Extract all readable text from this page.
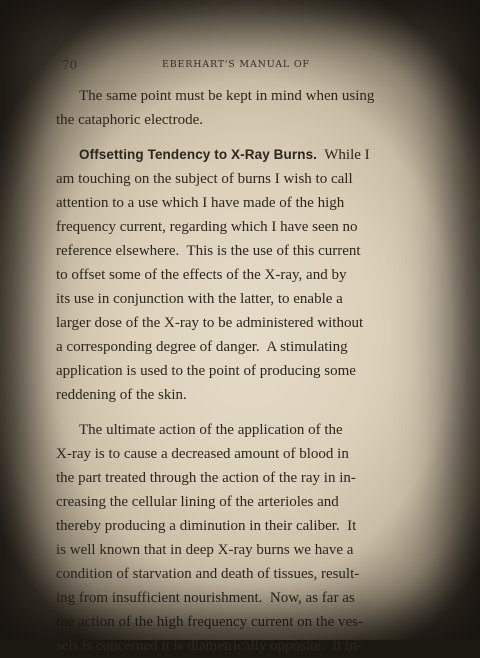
70	EBERHART'S MANUAL OF
The same point must be kept in mind when using
the cataphoric electrode.
Offsetting Tendency to X-Ray Burns.  While I
am touching on the subject of burns I wish to call
attention to a use which I have made of the high
frequency current, regarding which I have seen no
reference elsewhere.  This is the use of this current
to offset some of the effects of the X-ray, and by
its use in conjunction with the latter, to enable a
larger dose of the X-ray to be administered without
a corresponding degree of danger.  A stimulating
application is used to the point of producing some
reddening of the skin.
The ultimate action of the application of the
X-ray is to cause a decreased amount of blood in
the part treated through the action of the ray in in-
creasing the cellular lining of the arterioles and
thereby producing a diminution in their caliber.  It
is well known that in deep X-ray burns we have a
condition of starvation and death of tissues, result-
ing from insufficient nourishment.  Now, as far as
the action of the high frequency current on the ves-
sels is concerned it is diametrically opposite.  It in-
